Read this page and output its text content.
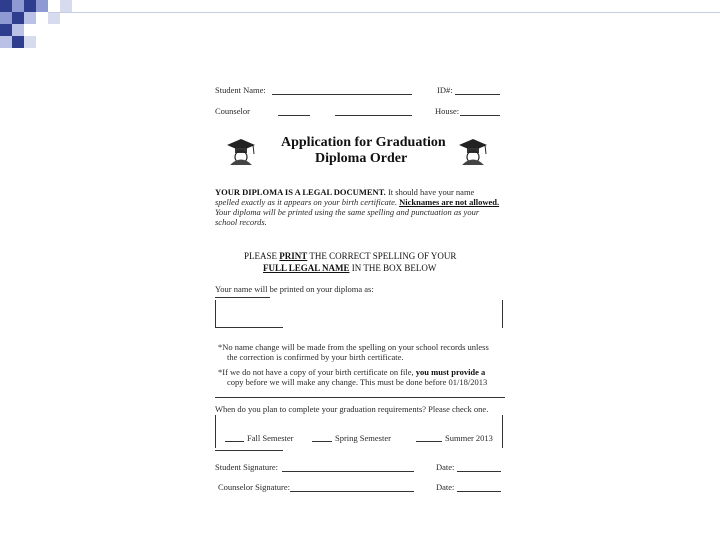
Student Name:	ID#:
Counselor	House:
Application for Graduation
Diploma Order
YOUR DIPLOMA IS A LEGAL DOCUMENT. It should have your name
spelled exactly as it appears on your birth certificate. Nicknames are not allowed.
Your diploma will be printed using the same spelling and punctuation as your
school records.
PLEASE PRINT THE CORRECT SPELLING OF YOUR
FULL LEGAL NAME IN THE BOX BELOW
Your name will be printed on your diploma as:
*No name change will be made from the spelling on your school records unless
the correction is confirmed by your birth certificate.
*If we do not have a copy of your birth certificate on file, you must provide a
copy before we will make any change. This must be done before 01/18/2013
When do you plan to complete your graduation requirements? Please check one.
Fall Semester	Spring Semester	Summer 2013
Student Signature:	Date:
Counselor Signature:	Date:
